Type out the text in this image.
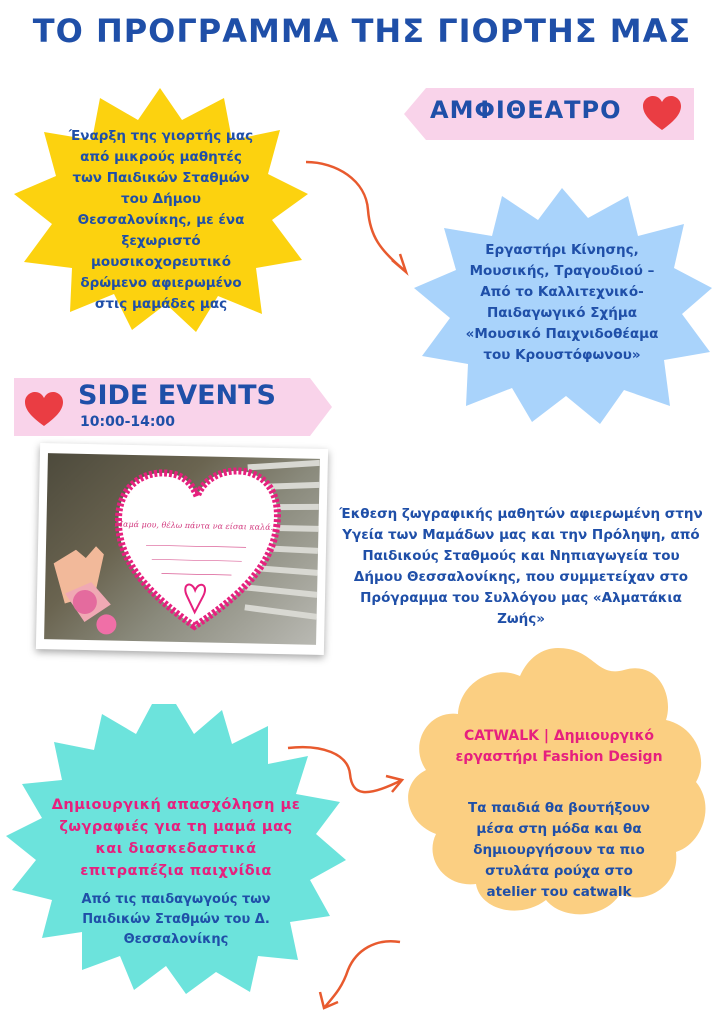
ΤΟ ΠΡΟΓΡΑΜΜΑ ΤΗΣ ΓΙΟΡΤΗΣ ΜΑΣ
Έναρξη της γιορτής μας από μικρούς μαθητές των Παιδικών Σταθμών του Δήμου Θεσσαλονίκης, με ένα ξεχωριστό μουσικοχορευτικό δρώμενο αφιερωμένο στις μαμάδες μας
ΑΜΦΙΘΕΑΤΡΟ
Εργαστήρι Κίνησης, Μουσικής, Τραγουδιού – Από το Καλλιτεχνικό-Παιδαγωγικό Σχήμα «Μουσικό Παιχνιδοθέαμα του Κρουστόφωνου»
SIDE EVENTS
10:00-14:00
Μαμά μου, θέλω πάντα να είσαι καλά...
Έκθεση ζωγραφικής μαθητών αφιερωμένη στην Υγεία των Μαμάδων μας και την Πρόληψη, από Παιδικούς Σταθμούς και Νηπιαγωγεία του Δήμου Θεσσαλονίκης, που συμμετείχαν στο Πρόγραμμα του Συλλόγου μας «Αλματάκια Ζωής»
CATWALK | Δημιουργικό εργαστήρι Fashion Design
Τα παιδιά θα βουτήξουν μέσα στη μόδα και θα δημιουργήσουν τα πιο στυλάτα ρούχα στο atelier του catwalk
Δημιουργική απασχόληση με ζωγραφιές για τη μαμά μας και διασκεδαστικά επιτραπέζια παιχνίδια
Από τις παιδαγωγούς των Παιδικών Σταθμών του Δ. Θεσσαλονίκης
